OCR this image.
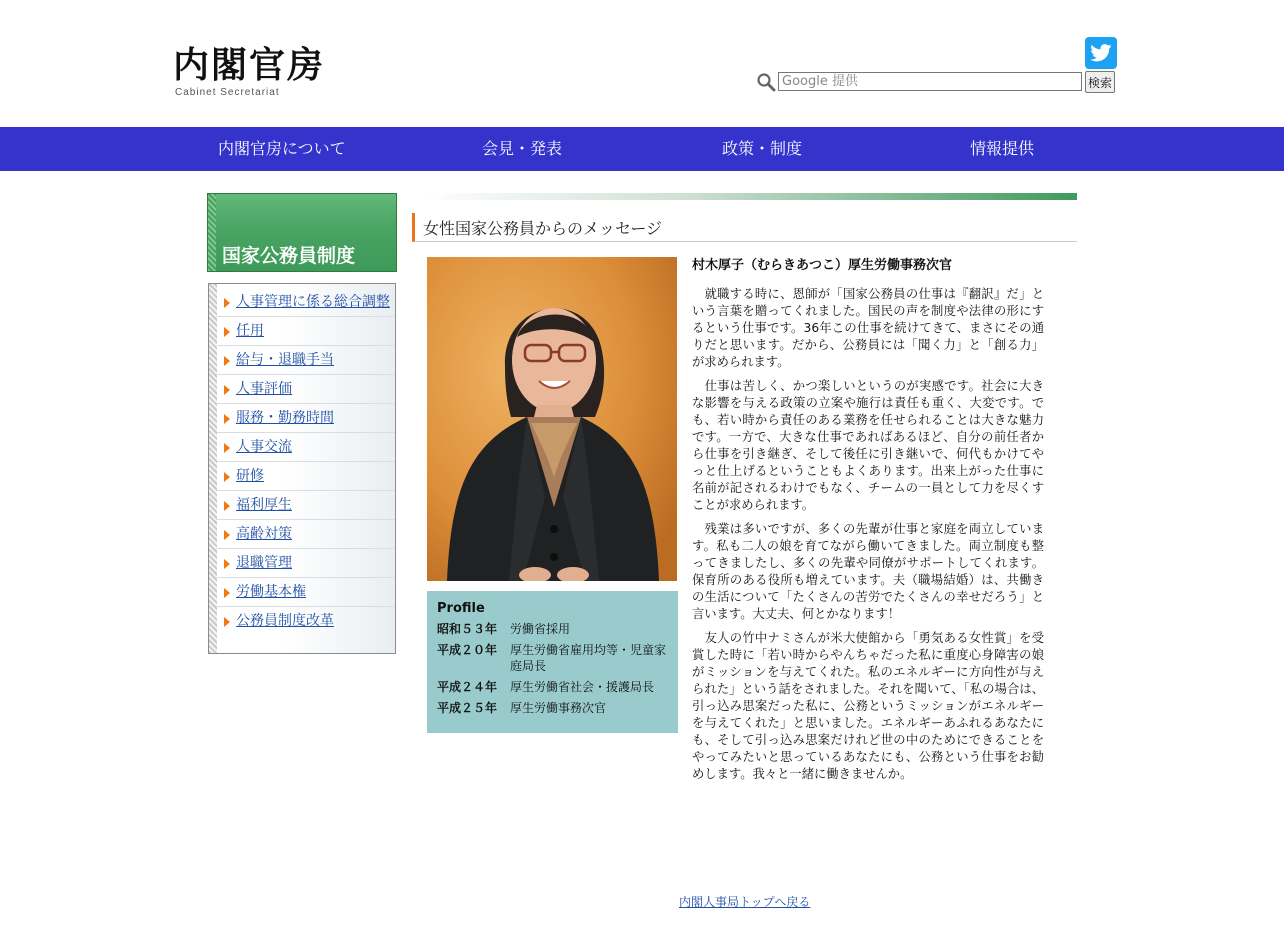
内閣官房
Cabinet Secretariat
Google 提供
検索
内閣官房について	会見・発表	政策・制度	情報提供
国家公務員制度
人事管理に係る総合調整
任用
給与・退職手当
人事評価
服務・勤務時間
人事交流
研修
福利厚生
高齢対策
退職管理
労働基本権
公務員制度改革
女性国家公務員からのメッセージ
Profile
昭和５３年	労働省採用
平成２０年	厚生労働省雇用均等・児童家庭局長
平成２４年	厚生労働省社会・援護局長
平成２５年	厚生労働事務次官
村木厚子（むらきあつこ）厚生労働事務次官

　就職する時に、恩師が「国家公務員の仕事は『翻訳』だ」という言葉を贈ってくれました。国民の声を制度や法律の形にするという仕事です。36年この仕事を続けてきて、まさにその通りだと思います。だから、公務員には「聞く力」と「創る力」が求められます。

　仕事は苦しく、かつ楽しいというのが実感です。社会に大きな影響を与える政策の立案や施行は責任も重く、大変です。でも、若い時から責任のある業務を任せられることは大きな魅力です。一方で、大きな仕事であればあるほど、自分の前任者から仕事を引き継ぎ、そして後任に引き継いで、何代もかけてやっと仕上げるということもよくあります。出来上がった仕事に名前が記されるわけでもなく、チームの一員として力を尽くすことが求められます。

　残業は多いですが、多くの先輩が仕事と家庭を両立しています。私も二人の娘を育てながら働いてきました。両立制度も整ってきましたし、多くの先輩や同僚がサポートしてくれます。保育所のある役所も増えています。夫（職場結婚）は、共働きの生活について「たくさんの苦労でたくさんの幸せだろう」と言います。大丈夫、何とかなります！

　友人の竹中ナミさんが米大使館から「勇気ある女性賞」を受賞した時に「若い時からやんちゃだった私に重度心身障害の娘がミッションを与えてくれた。私のエネルギーに方向性が与えられた」という話をされました。それを聞いて、「私の場合は、引っ込み思案だった私に、公務というミッションがエネルギーを与えてくれた」と思いました。エネルギーあふれるあなたにも、そして引っ込み思案だけれど世の中のためにできることをやってみたいと思っているあなたにも、公務という仕事をお勧めします。我々と一緒に働きませんか。

内閣人事局トップへ戻る
